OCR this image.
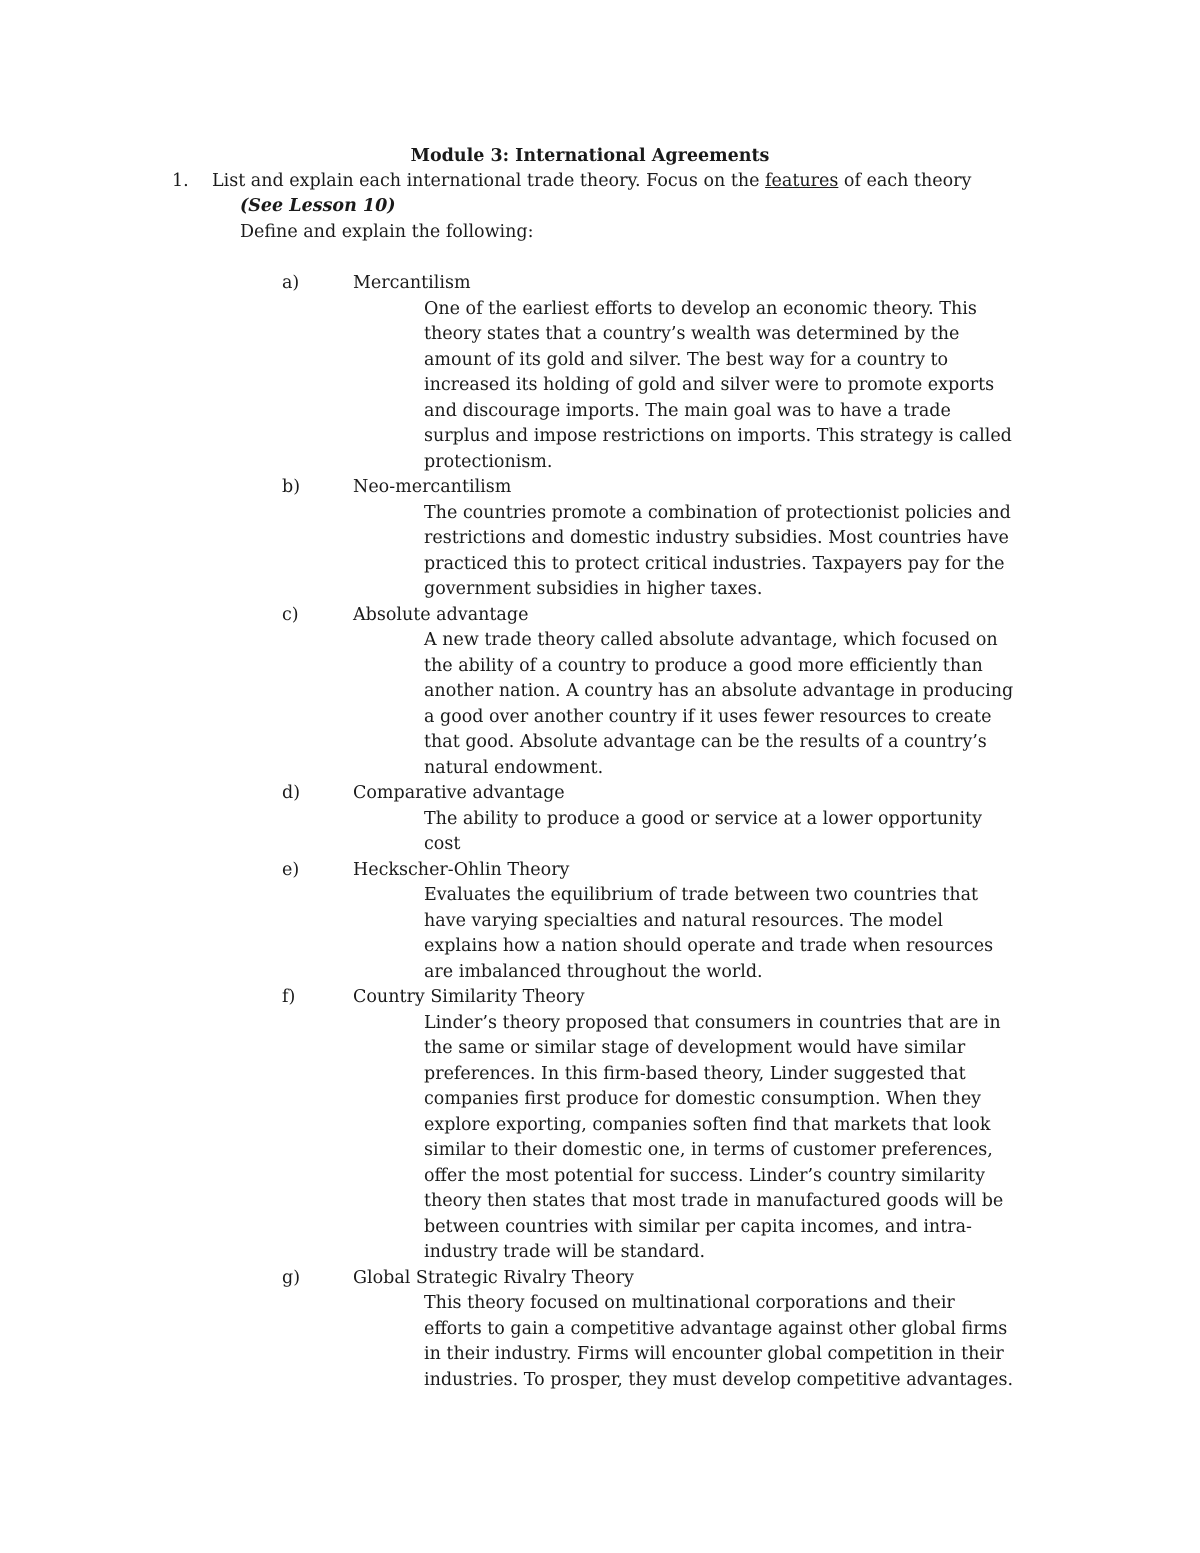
Module 3: International Agreements
1. List and explain each international trade theory. Focus on the features of each theory
(See Lesson 10)
Define and explain the following:
a)	Mercantilism
One of the earliest efforts to develop an economic theory. This
theory states that a country’s wealth was determined by the
amount of its gold and silver. The best way for a country to
increased its holding of gold and silver were to promote exports
and discourage imports. The main goal was to have a trade
surplus and impose restrictions on imports. This strategy is called
protectionism.
b)	Neo-mercantilism
The countries promote a combination of protectionist policies and
restrictions and domestic industry subsidies. Most countries have
practiced this to protect critical industries. Taxpayers pay for the
government subsidies in higher taxes.
c)	Absolute advantage
A new trade theory called absolute advantage, which focused on
the ability of a country to produce a good more efficiently than
another nation. A country has an absolute advantage in producing
a good over another country if it uses fewer resources to create
that good. Absolute advantage can be the results of a country’s
natural endowment.
d)	Comparative advantage
The ability to produce a good or service at a lower opportunity
cost
e)	Heckscher-Ohlin Theory
Evaluates the equilibrium of trade between two countries that
have varying specialties and natural resources. The model
explains how a nation should operate and trade when resources
are imbalanced throughout the world.
f)	Country Similarity Theory
Linder’s theory proposed that consumers in countries that are in
the same or similar stage of development would have similar
preferences. In this firm-based theory, Linder suggested that
companies first produce for domestic consumption. When they
explore exporting, companies soften find that markets that look
similar to their domestic one, in terms of customer preferences,
offer the most potential for success. Linder’s country similarity
theory then states that most trade in manufactured goods will be
between countries with similar per capita incomes, and intra-
industry trade will be standard.
g)	Global Strategic Rivalry Theory
This theory focused on multinational corporations and their
efforts to gain a competitive advantage against other global firms
in their industry. Firms will encounter global competition in their
industries. To prosper, they must develop competitive advantages.
